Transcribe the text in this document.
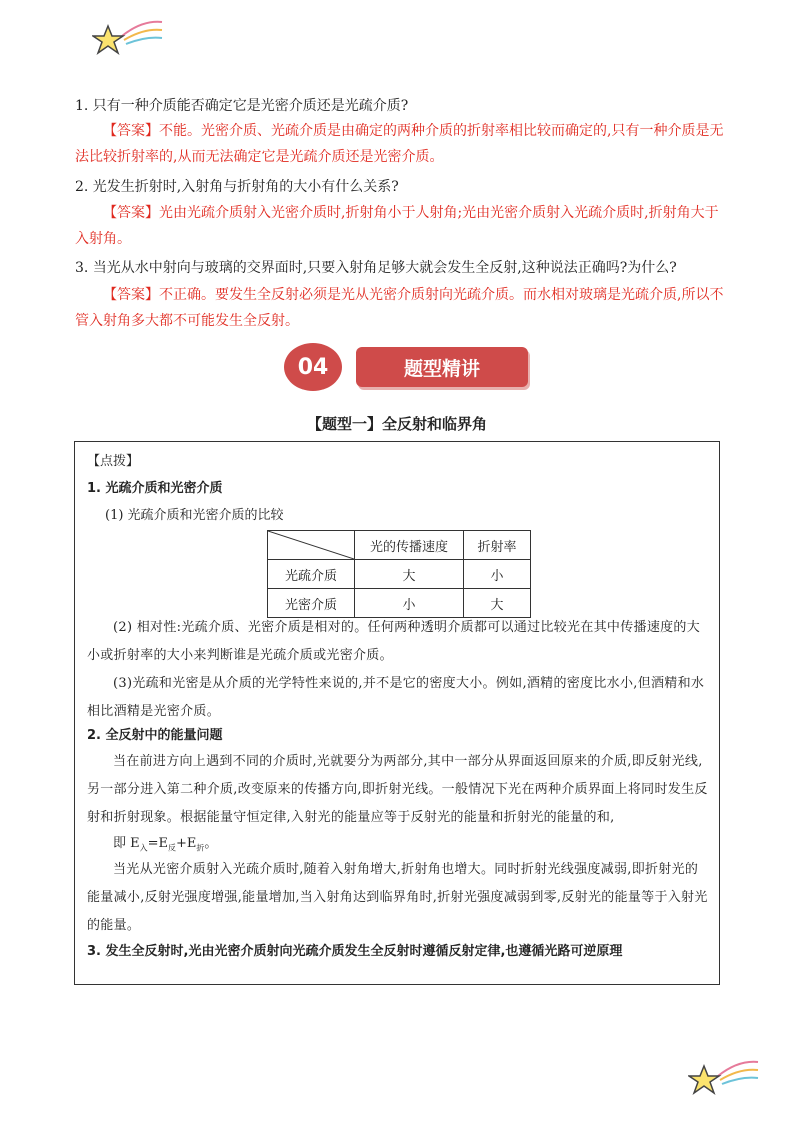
1. 只有一种介质能否确定它是光密介质还是光疏介质?
【答案】不能。光密介质、光疏介质是由确定的两种介质的折射率相比较而确定的,只有一种介质是无法比较折射率的,从而无法确定它是光疏介质还是光密介质。
2. 光发生折射时,入射角与折射角的大小有什么关系?
【答案】光由光疏介质射入光密介质时,折射角小于人射角;光由光密介质射入光疏介质时,折射角大于入射角。
3. 当光从水中射向与玻璃的交界面时,只要入射角足够大就会发生全反射,这种说法正确吗?为什么?
【答案】不正确。要发生全反射必须是光从光密介质射向光疏介质。而水相对玻璃是光疏介质,所以不管入射角多大都不可能发生全反射。
04	题型精讲
【题型一】全反射和临界角
【点拨】
1. 光疏介质和光密介质
(1) 光疏介质和光密介质的比较
	光的传播速度	折射率
光疏介质	大	小
光密介质	小	大
(2) 相对性:光疏介质、光密介质是相对的。任何两种透明介质都可以通过比较光在其中传播速度的大小或折射率的大小来判断谁是光疏介质或光密介质。
(3)光疏和光密是从介质的光学特性来说的,并不是它的密度大小。例如,酒精的密度比水小,但酒精和水相比酒精是光密介质。
2. 全反射中的能量问题
当在前进方向上遇到不同的介质时,光就要分为两部分,其中一部分从界面返回原来的介质,即反射光线,另一部分进入第二种介质,改变原来的传播方向,即折射光线。一般情况下光在两种介质界面上将同时发生反射和折射现象。根据能量守恒定律,入射光的能量应等于反射光的能量和折射光的能量的和,
即 $E_入=E_反+E_折$。
当光从光密介质射入光疏介质时,随着入射角增大,折射角也增大。同时折射光线强度减弱,即折射光的能量减小,反射光强度增强,能量增加,当入射角达到临界角时,折射光强度减弱到零,反射光的能量等于入射光的能量。
3. 发生全反射时,光由光密介质射向光疏介质发生全反射时遵循反射定律,也遵循光路可逆原理
